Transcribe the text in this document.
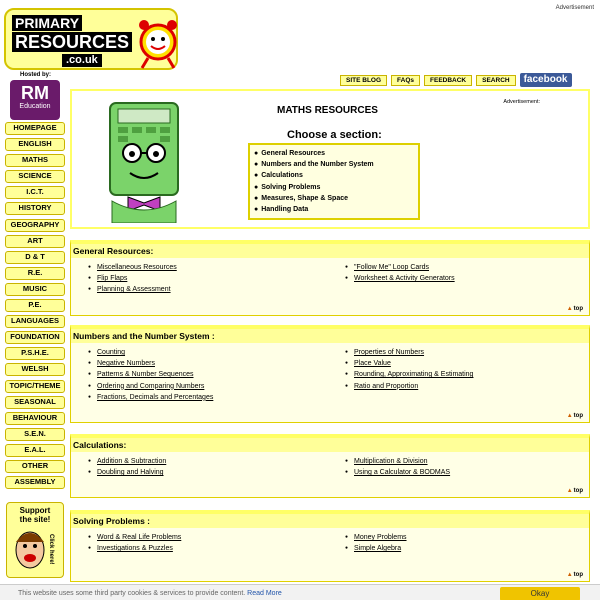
PRIMARY
RESOURCES
.co.uk
Advertisement
Hosted by:
RM
Education
SITE BLOG	FAQs	FEEDBACK	SEARCH	facebook
HOMEPAGE
ENGLISH
MATHS
SCIENCE
I.C.T.
HISTORY
GEOGRAPHY
ART
D & T
R.E.
MUSIC
P.E.
LANGUAGES
FOUNDATION
P.S.H.E.
WELSH
TOPIC/THEME
SEASONAL
BEHAVIOUR
S.E.N.
E.A.L.
OTHER
ASSEMBLY
Support
the site!
Click here!
MATHS RESOURCES
Advertisement:
Choose a section:
● General Resources
● Numbers and the Number System
● Calculations
● Solving Problems
● Measures, Shape & Space
● Handling Data
General Resources:
● Miscellaneous Resources
● Flip Flaps
● Planning & Assessment
● "Follow Me" Loop Cards
● Worksheet & Activity Generators
▲ top
Numbers and the Number System :
● Counting
● Negative Numbers
● Patterns & Number Sequences
● Ordering and Comparing Numbers
● Fractions, Decimals and Percentages
● Properties of Numbers
● Place Value
● Rounding, Approximating & Estimating
● Ratio and Proportion
▲ top
Calculations:
● Addition & Subtraction
● Doubling and Halving
● Multiplication & Division
● Using a Calculator & BODMAS
▲ top
Solving Problems :
● Word & Real Life Problems
● Investigations & Puzzles
● Money Problems
● Simple Algebra
▲ top
This website uses some third party cookies & services to provide content. Read More	Okay
